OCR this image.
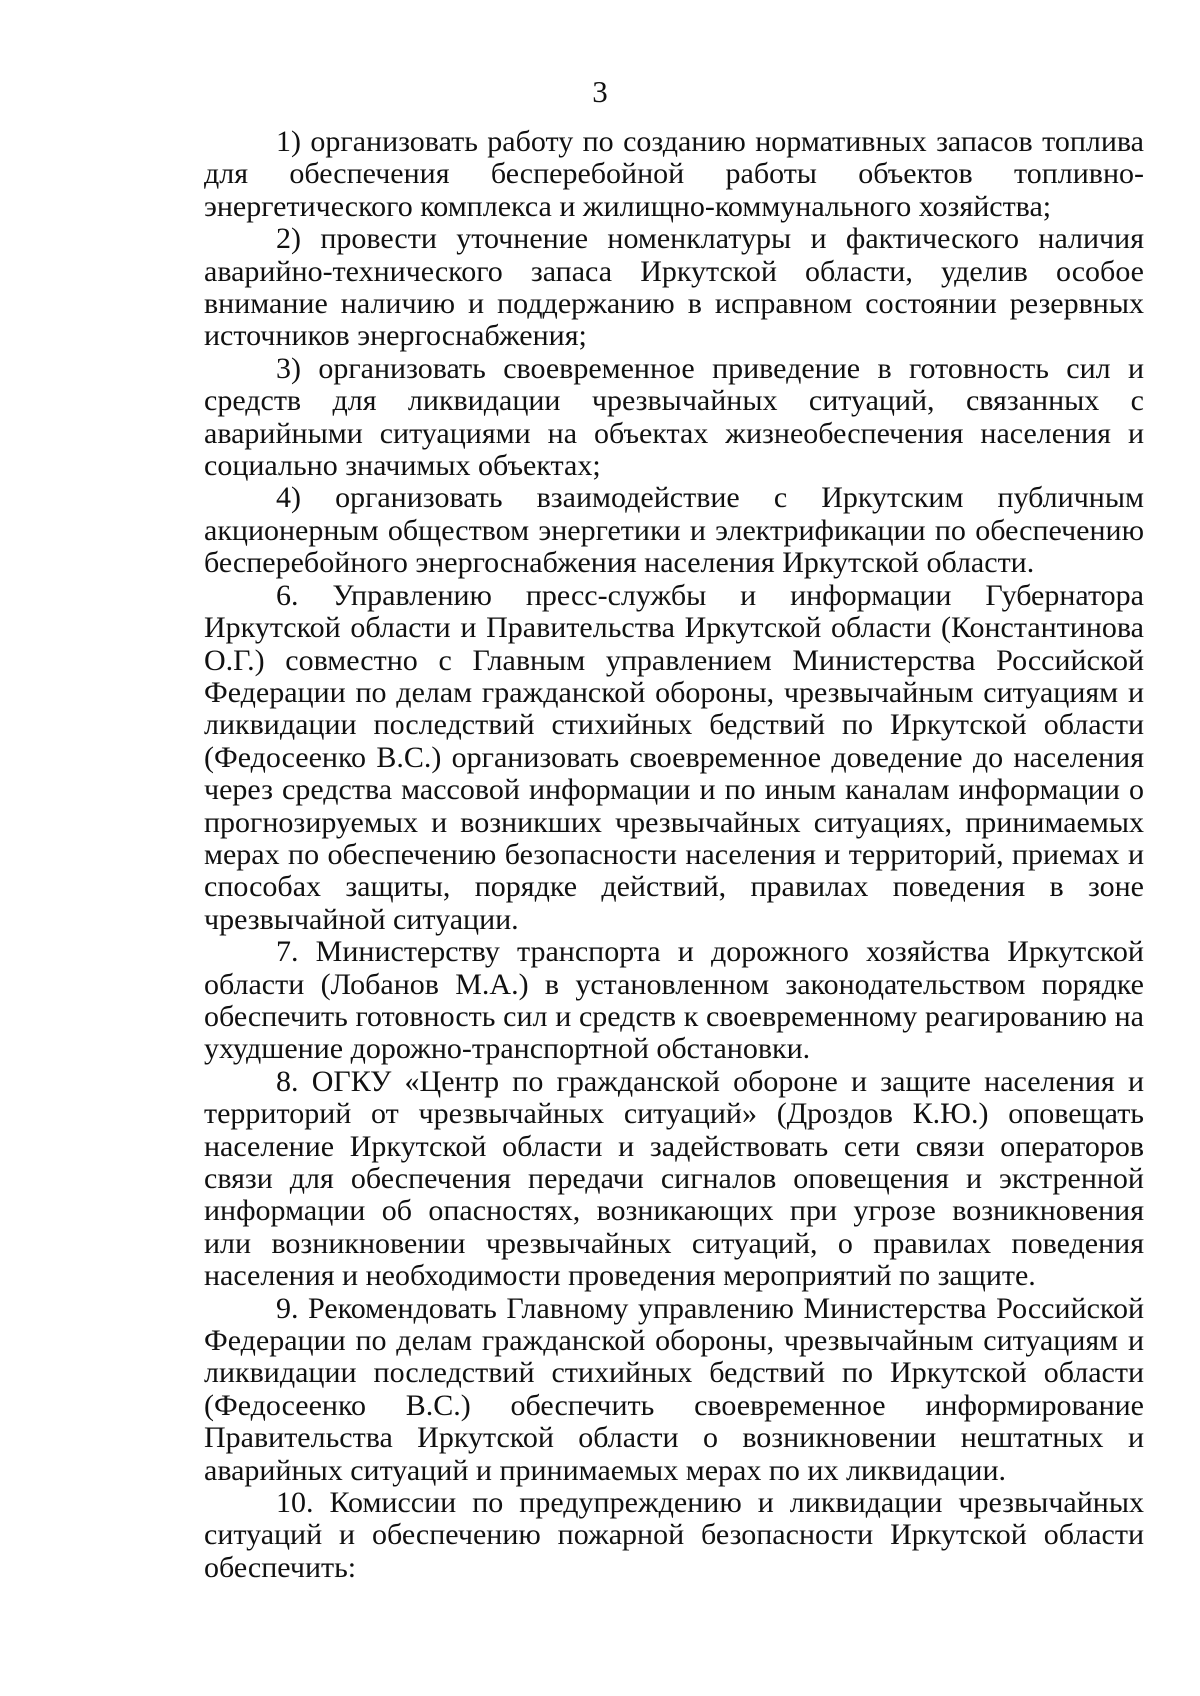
3

1) организовать работу по созданию нормативных запасов топлива для обеспечения бесперебойной работы объектов топливно-энергетического комплекса и жилищно-коммунального хозяйства;

2) провести уточнение номенклатуры и фактического наличия аварийно-технического запаса Иркутской области, уделив особое внимание наличию и поддержанию в исправном состоянии резервных источников энергоснабжения;

3) организовать своевременное приведение в готовность сил и средств для ликвидации чрезвычайных ситуаций, связанных с аварийными ситуациями на объектах жизнеобеспечения населения и социально значимых объектах;

4) организовать взаимодействие с Иркутским публичным акционерным обществом энергетики и электрификации по обеспечению бесперебойного энергоснабжения населения Иркутской области.

6. Управлению пресс-службы и информации Губернатора Иркутской области и Правительства Иркутской области (Константинова О.Г.) совместно с Главным управлением Министерства Российской Федерации по делам гражданской обороны, чрезвычайным ситуациям и ликвидации последствий стихийных бедствий по Иркутской области (Федосеенко В.С.) организовать своевременное доведение до населения через средства массовой информации и по иным каналам информации о прогнозируемых и возникших чрезвычайных ситуациях, принимаемых мерах по обеспечению безопасности населения и территорий, приемах и способах защиты, порядке действий, правилах поведения в зоне чрезвычайной ситуации.

7. Министерству транспорта и дорожного хозяйства Иркутской области (Лобанов М.А.) в установленном законодательством порядке обеспечить готовность сил и средств к своевременному реагированию на ухудшение дорожно-транспортной обстановки.

8. ОГКУ «Центр по гражданской обороне и защите населения и территорий от чрезвычайных ситуаций» (Дроздов К.Ю.) оповещать население Иркутской области и задействовать сети связи операторов связи для обеспечения передачи сигналов оповещения и экстренной информации об опасностях, возникающих при угрозе возникновения или возникновении чрезвычайных ситуаций, о правилах поведения населения и необходимости проведения мероприятий по защите.

9. Рекомендовать Главному управлению Министерства Российской Федерации по делам гражданской обороны, чрезвычайным ситуациям и ликвидации последствий стихийных бедствий по Иркутской области (Федосеенко В.С.) обеспечить своевременное информирование Правительства Иркутской области о возникновении нештатных и аварийных ситуаций и принимаемых мерах по их ликвидации.

10. Комиссии по предупреждению и ликвидации чрезвычайных ситуаций и обеспечению пожарной безопасности Иркутской области обеспечить:
